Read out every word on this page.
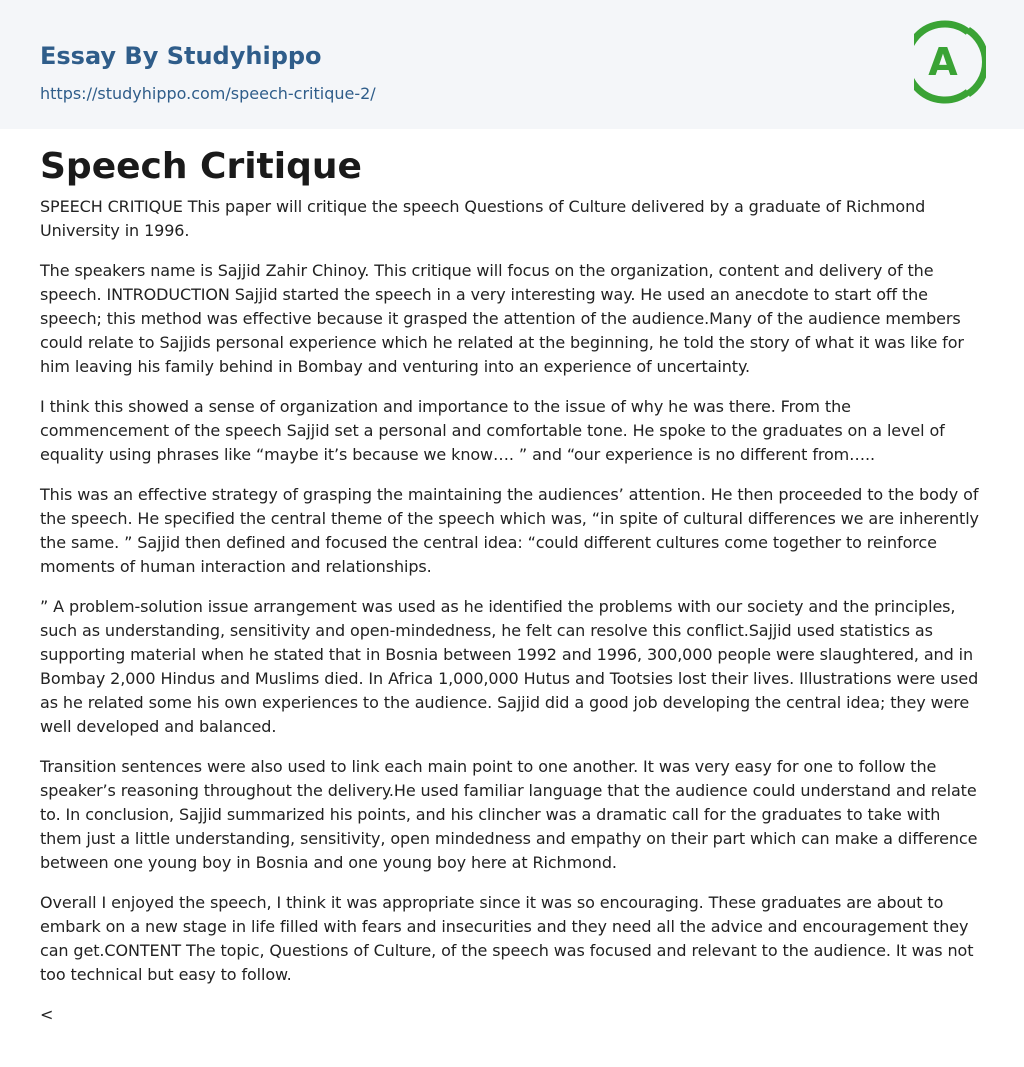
Essay By Studyhippo
https://studyhippo.com/speech-critique-2/
A
Speech Critique

SPEECH CRITIQUE This paper will critique the speech Questions of Culture delivered by a graduate of Richmond University in 1996.

The speakers name is Sajjid Zahir Chinoy. This critique will focus on the organization, content and delivery of the speech. INTRODUCTION Sajjid started the speech in a very interesting way. He used an anecdote to start off the speech; this method was effective because it grasped the attention of the audience.Many of the audience members could relate to Sajjids personal experience which he related at the beginning, he told the story of what it was like for him leaving his family behind in Bombay and venturing into an experience of uncertainty.

I think this showed a sense of organization and importance to the issue of why he was there. From the commencement of the speech Sajjid set a personal and comfortable tone. He spoke to the graduates on a level of equality using phrases like “maybe it’s because we know…. ” and “our experience is no different from…..

This was an effective strategy of grasping the maintaining the audiences’ attention. He then proceeded to the body of the speech. He specified the central theme of the speech which was, “in spite of cultural differences we are inherently the same. ” Sajjid then defined and focused the central idea: “could different cultures come together to reinforce moments of human interaction and relationships.

” A problem-solution issue arrangement was used as he identified the problems with our society and the principles, such as understanding, sensitivity and open-mindedness, he felt can resolve this conflict.Sajjid used statistics as supporting material when he stated that in Bosnia between 1992 and 1996, 300,000 people were slaughtered, and in Bombay 2,000 Hindus and Muslims died. In Africa 1,000,000 Hutus and Tootsies lost their lives. Illustrations were used as he related some his own experiences to the audience. Sajjid did a good job developing the central idea; they were well developed and balanced.

Transition sentences were also used to link each main point to one another. It was very easy for one to follow the speaker’s reasoning throughout the delivery.He used familiar language that the audience could understand and relate to. In conclusion, Sajjid summarized his points, and his clincher was a dramatic call for the graduates to take with them just a little understanding, sensitivity, open mindedness and empathy on their part which can make a difference between one young boy in Bosnia and one young boy here at Richmond.

Overall I enjoyed the speech, I think it was appropriate since it was so encouraging. These graduates are about to embark on a new stage in life filled with fears and insecurities and they need all the advice and encouragement they can get.CONTENT The topic, Questions of Culture, of the speech was focused and relevant to the audience. It was not too technical but easy to follow.

<
